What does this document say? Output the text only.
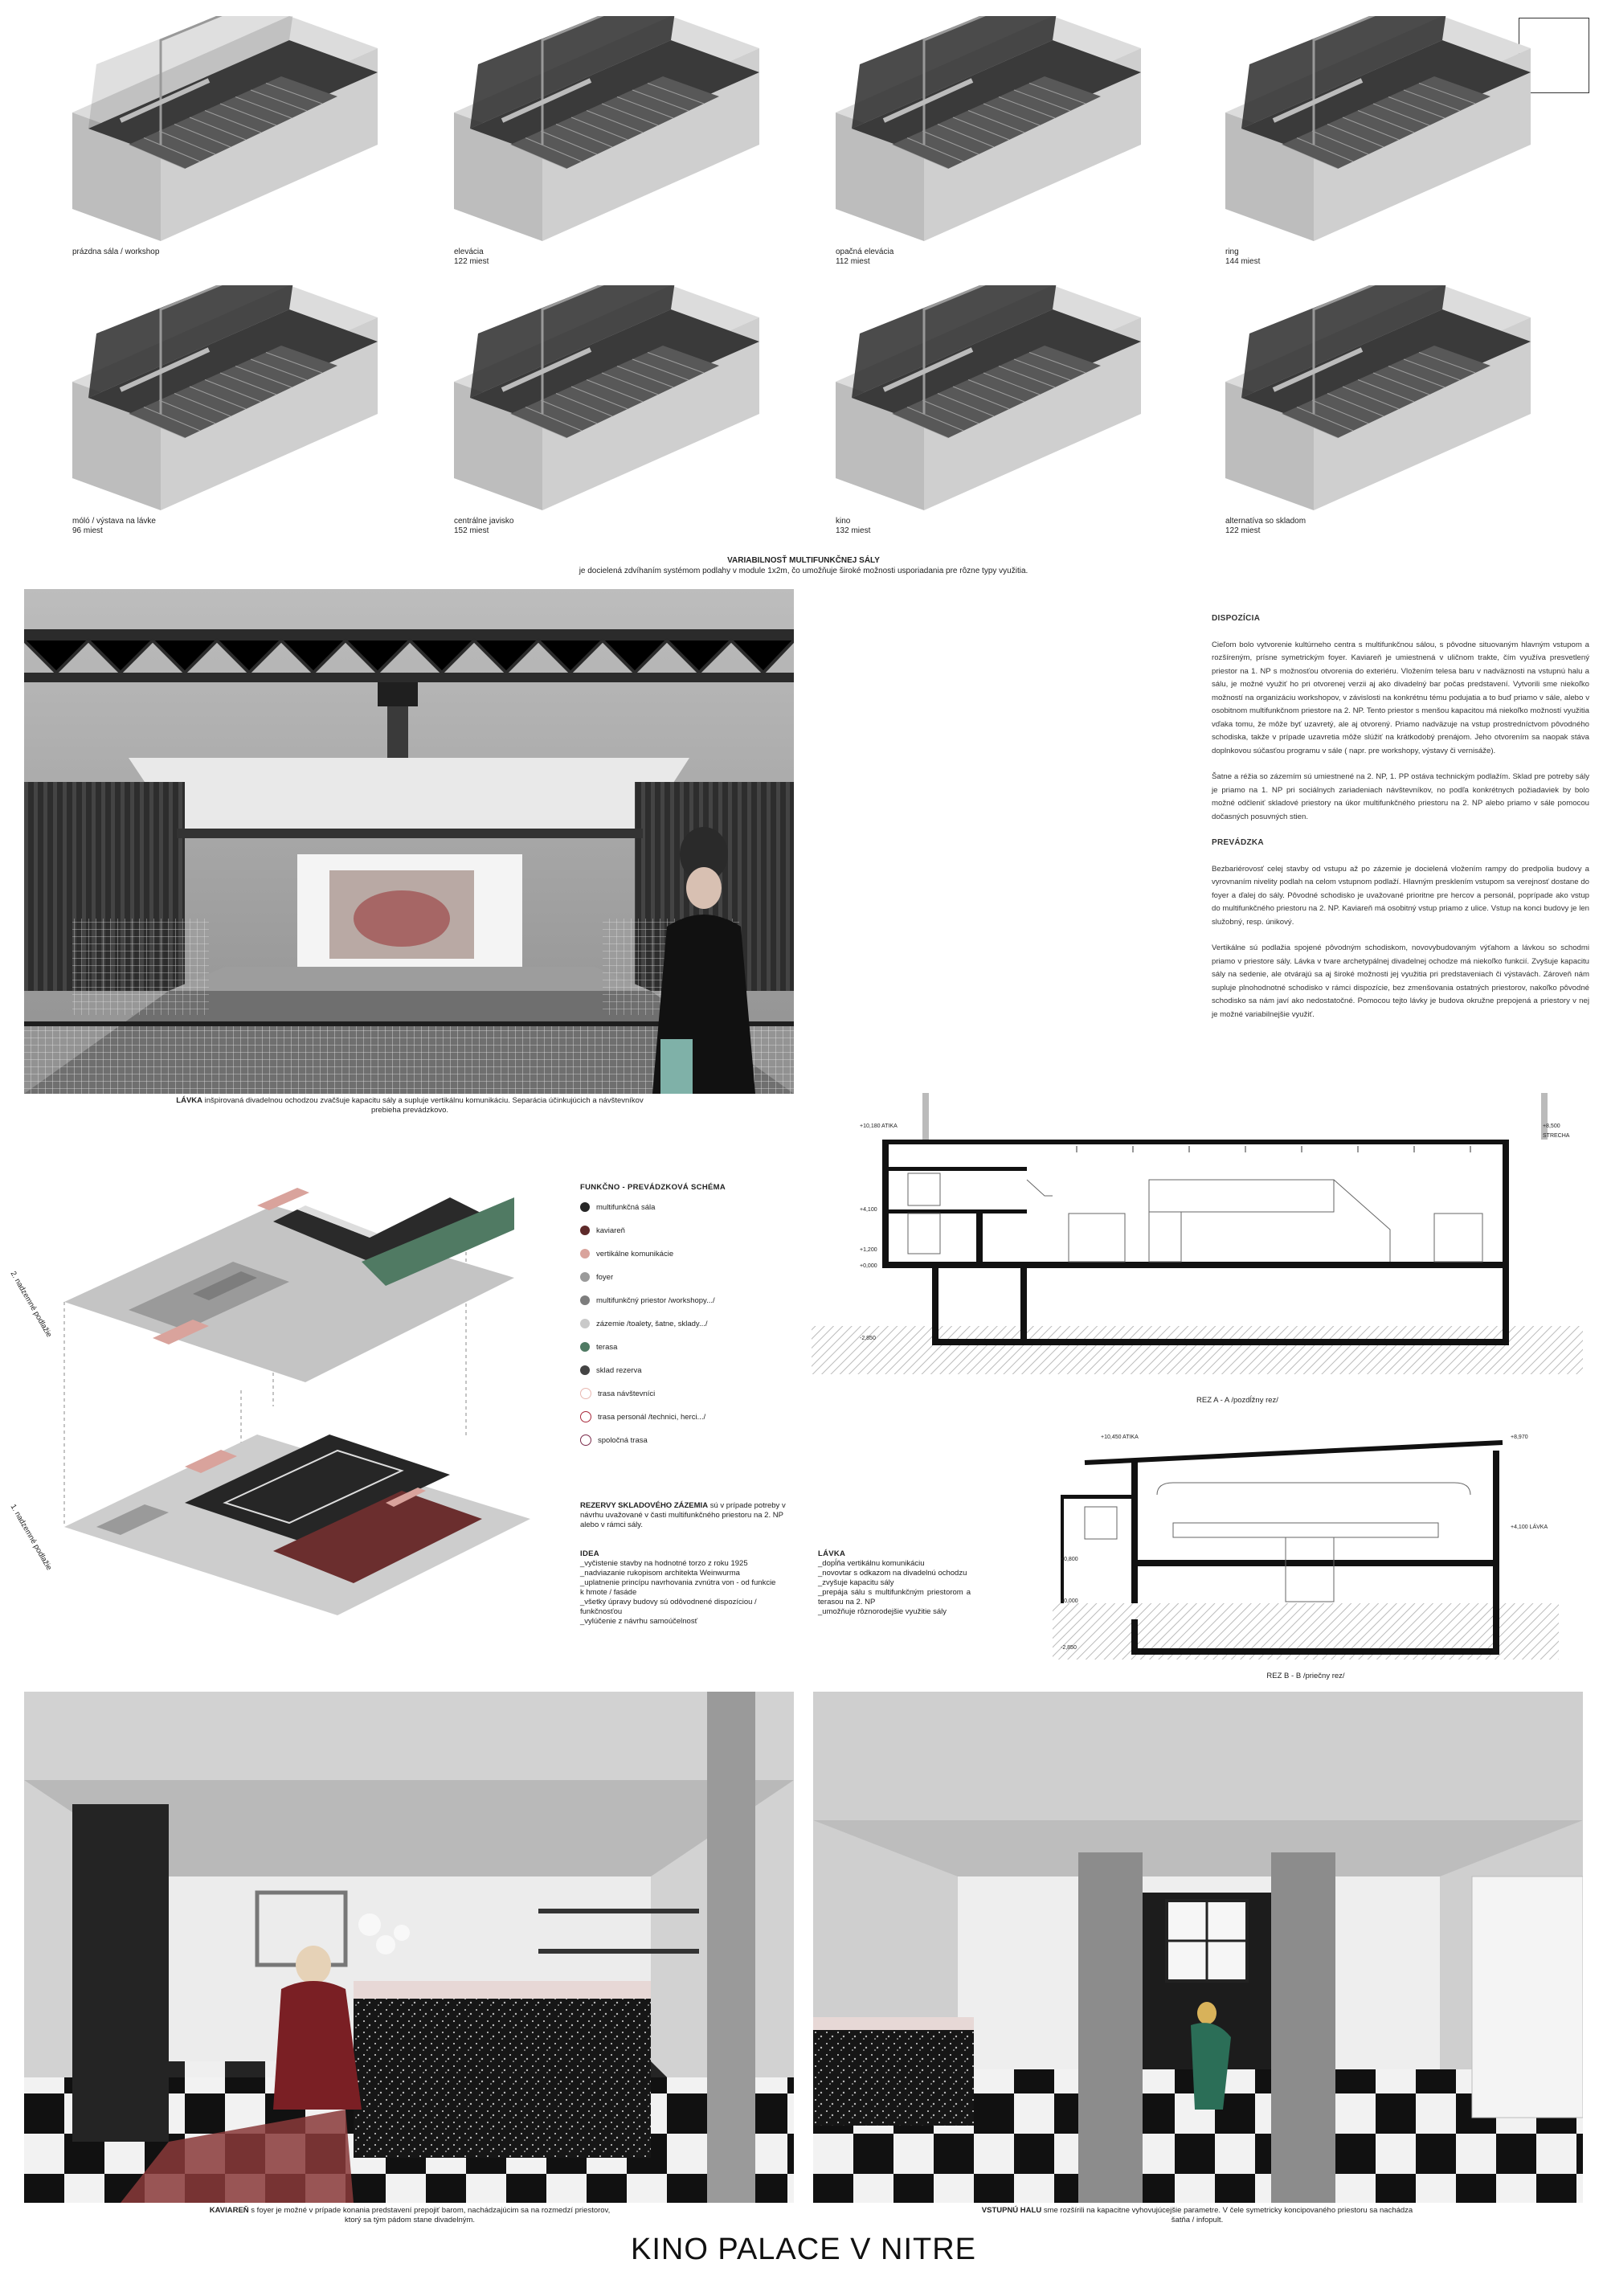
prázdna sála / workshop	elevácia
122 miest
opačná elevácia
112 miest
ring
144 miest
móló / výstava na lávke
96 miest
centrálne javisko
152 miest
kino
132 miest
alternatíva so skladom
122 miest
VARIABILNOSŤ MULTIFUNKČNEJ SÁLY
je docielená zdvíhaním systémom podlahy v module 1x2m, čo umožňuje široké možnosti usporiadania pre rôzne typy využitia.
LÁVKA inšpirovaná divadelnou ochodzou zvačšuje kapacitu sály a supluje vertikálnu komunikáciu. Separácia účinkujúcich a návštevníkov prebieha prevádzkovo.
DISPOZÍCIA
Cieľom bolo vytvorenie kultúrneho centra s multifunkčnou sálou, s pôvodne situovaným hlavným vstupom a rozšíreným, prísne symetrickým foyer. Kaviareň je umiestnená v uličnom trakte, čím využíva presvetlený priestor na 1. NP s možnosťou otvorenia do exteriéru. Vložením telesa baru v nadväznosti na vstupnú halu a sálu, je možné využiť ho pri otvorenej verzii aj ako divadelný bar počas predstavení. Vytvorili sme niekoľko možností na organizáciu workshopov, v závislosti na konkrétnu tému podujatia a to buď priamo v sále, alebo v osobitnom multifunkčnom priestore na 2. NP. Tento priestor s menšou kapacitou má niekoľko možností využitia vďaka tomu, že môže byť uzavretý, ale aj otvorený. Priamo nadväzuje na vstup prostredníctvom pôvodného schodiska, takže v prípade uzavretia môže slúžiť na krátkodobý prenájom. Jeho otvorením sa naopak stáva doplnkovou súčasťou programu v sále ( napr. pre workshopy, výstavy či vernisáže).
Šatne a réžia so zázemím sú umiestnené na 2. NP, 1. PP ostáva technickým podlažím. Sklad pre potreby sály je priamo na 1. NP pri sociálnych zariadeniach návštevníkov, no podľa konkrétnych požiadaviek by bolo možné odčleniť skladové priestory na úkor multifunkčného priestoru na 2. NP alebo priamo v sále pomocou dočasných posuvných stien.
PREVÁDZKA
Bezbariérovosť celej stavby od vstupu až po zázemie je docielená vložením rampy do predpolia budovy a vyrovnaním nivelity podlah na celom vstupnom podlaží. Hlavným presklením vstupom sa verejnosť dostane do foyer a ďalej do sály. Pôvodné schodisko je uvažované prioritne pre hercov a personál, poprípade ako vstup do multifunkčného priestoru na 2. NP. Kaviareň má osobitný vstup priamo z ulice. Vstup na konci budovy je len služobný, resp. únikový.
Vertikálne sú podlažia spojené pôvodným schodiskom, novovybudovaným výťahom a lávkou so schodmi priamo v priestore sály. Lávka v tvare archetypálnej divadelnej ochodze má niekoľko funkcií. Zvyšuje kapacitu sály na sedenie, ale otvárajú sa aj široké možnosti jej využitia pri predstaveniach či výstavách. Zároveň nám supluje plnohodnotné schodisko v rámci dispozície, bez zmenšovania ostatných priestorov, nakoľko pôvodné schodisko sa nám javí ako nedostatočné. Pomocou tejto lávky je budova okružne prepojená a priestory v nej je možné variabilnejšie využiť.
2. nadzemné podlažie
1. nadzemné podlažie
FUNKČNO - PREVÁDZKOVÁ SCHÉMA
multifunkčná sála
kaviareň
vertikálne komunikácie
foyer
multifunkčný priestor /workshopy.../
zázemie /toalety, šatne, sklady.../
terasa
sklad rezerva
trasa návštevníci
trasa personál /technici, herci.../
spoločná trasa
REZERVY SKLADOVÉHO ZÁZEMIA sú v prípade potreby v návrhu uvažované v časti multifunkčného priestoru na 2. NP alebo v rámci sály.
IDEA
_vyčistenie stavby na hodnotné torzo z roku 1925
_nadviazanie rukopisom architekta Weinwurma
_uplatnenie princípu navrhovania zvnútra von - od funkcie k hmote / fasáde
_všetky úpravy budovy sú odôvodnené dispozíciou / funkčnosťou
_vylúčenie z návrhu samoúčelnosť
LÁVKA
_dopĺňa vertikálnu komunikáciu
_novovtar s odkazom na divadelnú ochodzu
_zvyšuje kapacitu sály
_prepája sálu s multifunkčným priestorom a terasou na 2. NP
_umožňuje rôznorodejšie využitie sály
+10,180 ATIKA	+8,500 STRECHA
+4,100
+1,200
+0,000
-2,850
REZ A - A /pozdĺžny rez/
+10,450 ATIKA	+8,970
+4,100 LÁVKA
+0,800
+0,000
-2,850
REZ B - B /priečny rez/
KAVIAREŇ s foyer je možné v prípade konania predstavení prepojiť barom, nachádzajúcim sa na rozmedzí priestorov, ktorý sa tým pádom stane divadelným.
VSTUPNÚ HALU sme rozšírili na kapacitne vyhovujúcejšie parametre. V čele symetricky koncipovaného priestoru sa nachádza šatňa / infopult.
KINO PALACE V NITRE
